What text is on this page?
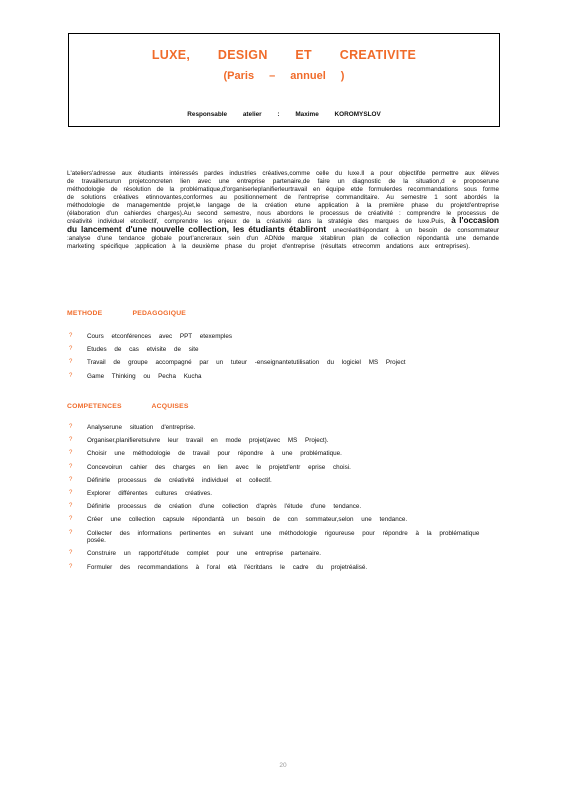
LUXE, DESIGN ET CREATIVITE
(Paris – annuel )
Responsable atelier : Maxime KOROMYSLOV
L'ateliers'adresse aux étudiants intéressés pardes industries créatives,comme celle du luxe.Il a pour objectifde permettre aux élèves de travaillersurun projetconcreten lien avec une entreprise partenaire,de faire un diagnostic de la situation,d e proposerune méthodologie de résolution de la problématique,d'organiserleplanifierleurtravail en équipe etde formulerdes recommandations sous forme de solutions créatives etinnovantes,conformes au positionnement de l'entreprise commanditaire. Au semestre 1 sont abordés la méthodologie de managementde projet,le langage de la création etune application à la première phase du projetd'entreprise (élaboration d'un cahierdes charges).Au second semestre, nous abordons le processus de créativité : comprendre le processus de créativité individuel etcollectif, comprendre les enjeux de la créativité dans la stratégie des marques de luxe.Puis, à l'occasion du lancement d'une nouvelle collection, les étudiants établiront unecréatifrépondant à un besoin de consommateur :analyse d'une tendance globale pourl'ancreraux sein d'un ADNde marque :établirun plan de collection répondantà une demande marketing spécifique ;application à la deuxième phase du projet d'entreprise (résultats etrecomm andations aux entreprises).
METHODE PEDAGOGIQUE
? Cours etconférences avec PPT etexemples
? Etudes de cas etvisite de site
? Travail de groupe accompagné par un tuteur -enseignantetutilisation du logiciel MS Project
? Game Thinking ou Pecha Kucha
COMPETENCES ACQUISES
? Analyserune situation d'entreprise.
? Organiser,planifieretsuivre leur travail en mode projet(avec MS Project).
? Choisir une méthodologie de travail pour répondre à une problématique.
? Concevoirun cahier des charges en lien avec le projetd'entr eprise choisi.
? Définirle processus de créativité individuel et collectif.
? Explorer différentes cultures créatives.
? Définirle processus de création d'une collection d'après l'étude d'une tendance.
? Créer une collection capsule répondantà un besoin de con sommateur,selon une tendance.
? Collecter des informations pertinentes en suivant une méthodologie rigoureuse pour répondre à la problématique posée.
? Construire un rapportd'étude complet pour une entreprise partenaire.
? Formuler des recommandations à l'oral età l'écritdans le cadre du projetréalisé.
20
